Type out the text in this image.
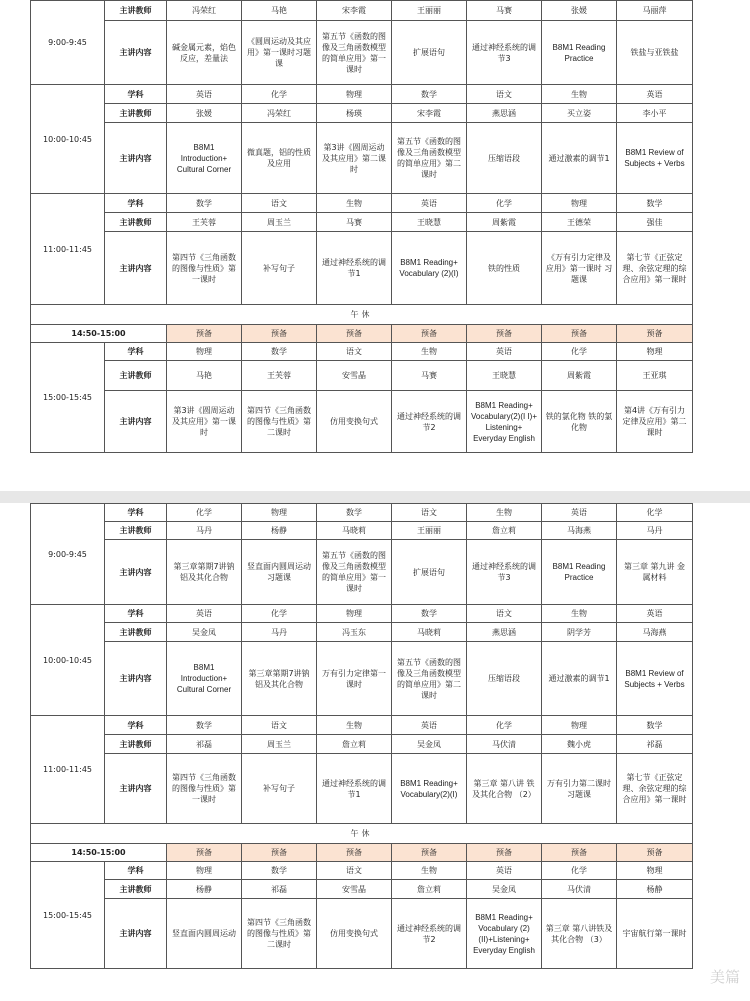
9:00-9:45	主讲教师	冯荣红	马艳	宋李霞	王丽丽	马赛	张媛	马丽萍
	主讲内容	碱金属元素，焰色反应，差量法	《圆周运动及其应用》第一课时习题课	第五节《函数的图像及三角函数模型的简单应用》第一课时	扩展语句	通过神经系统的调节3	B8M1 Reading Practice	铁盐与亚铁盐
10:00-10:45	学科	英语	化学	物理	数学	语文	生物	英语
	主讲教师	张媛	冯荣红	杨瑛	宋李霞	燕思涵	买立姿	李小平
	主讲内容	B8M1 Introduction+ Cultural Corner	微真题，铝的性质及应用	第3讲《圆周运动及其应用》第二课时	第五节《函数的图像及三角函数模型的简单应用》第二课时	压缩语段	通过激素的调节1	B8M1 Review of Subjects + Verbs
11:00-11:45	学科	数学	语文	生物	英语	化学	物理	数学
	主讲教师	王芙蓉	周玉兰	马赛	王晓慧	周紫霞	王德荣	强佳
	主讲内容	第四节《三角函数的图像与性质》第一课时	补写句子	通过神经系统的调节1	B8M1 Reading+ Vocabulary (2)(I)	铁的性质	《万有引力定律及应用》第一课时 习题课	第七节《正弦定理、余弦定理的综合应用》第一课时
午休								
14:50-15:00		预备	预备	预备	预备	预备	预备	预备
15:00-15:45	学科	物理	数学	语文	生物	英语	化学	物理
	主讲教师	马艳	王芙蓉	安雪晶	马赛	王晓慧	周紫霞	王亚琪
	主讲内容	第3讲《圆周运动及其应用》第一课时	第四节《三角函数的图像与性质》第二课时	仿用变换句式	通过神经系统的调节2	B8M1 Reading+ Vocabulary(2)(I I)+ Listening+ Everyday English	铁的氯化物 铁的氯化物	第4讲《万有引力定律及应用》第二课时
9:00-9:45	学科	化学	物理	数学	语文	生物	英语	化学
	主讲教师	马丹	杨静	马晓莉	王丽丽	詹立莉	马海燕	马丹
	主讲内容	第三章第期7讲钠铝及其化合物	竖直面内圆周运动习题课	第五节《函数的图像及三角函数模型的简单应用》第一课时	扩展语句	通过神经系统的调节3	B8M1 Reading Practice	第三章 第九讲 金属材料
10:00-10:45	学科	英语	化学	物理	数学	语文	生物	英语
	主讲教师	吴金凤	马丹	冯玉东	马晓莉	燕思涵	阴学芳	马海燕
	主讲内容	B8M1 Introduction+ Cultural Corner	第三章第期7讲钠铝及其化合物	万有引力定律第一课时	第五节《函数的图像及三角函数模型的简单应用》第二课时	压缩语段	通过激素的调节1	B8M1 Review of Subjects + Verbs
11:00-11:45	学科	数学	语文	生物	英语	化学	物理	数学
	主讲教师	祁磊	周玉兰	詹立莉	吴金凤	马伏清	魏小虎	祁磊
	主讲内容	第四节《三角函数的图像与性质》第一课时	补写句子	通过神经系统的调节1	B8M1 Reading+ Vocabulary(2)(I)	第三章 第八讲 铁及其化合物 （2）	万有引力第二课时习题课	第七节《正弦定理、余弦定理的综合应用》第一课时
午休								
14:50-15:00		预备	预备	预备	预备	预备	预备	预备
15:00-15:45	学科	物理	数学	语文	生物	英语	化学	物理
	主讲教师	杨静	祁磊	安雪晶	詹立莉	吴金凤	马伏清	杨静
	主讲内容	竖直面内圆周运动	第四节《三角函数的图像与性质》第二课时	仿用变换句式	通过神经系统的调节2	B8M1 Reading+ Vocabulary (2)(II)+Listening+ Everyday English	第三章 第八讲铁及其化合物 （3）	宇宙航行第一课时
美篇
